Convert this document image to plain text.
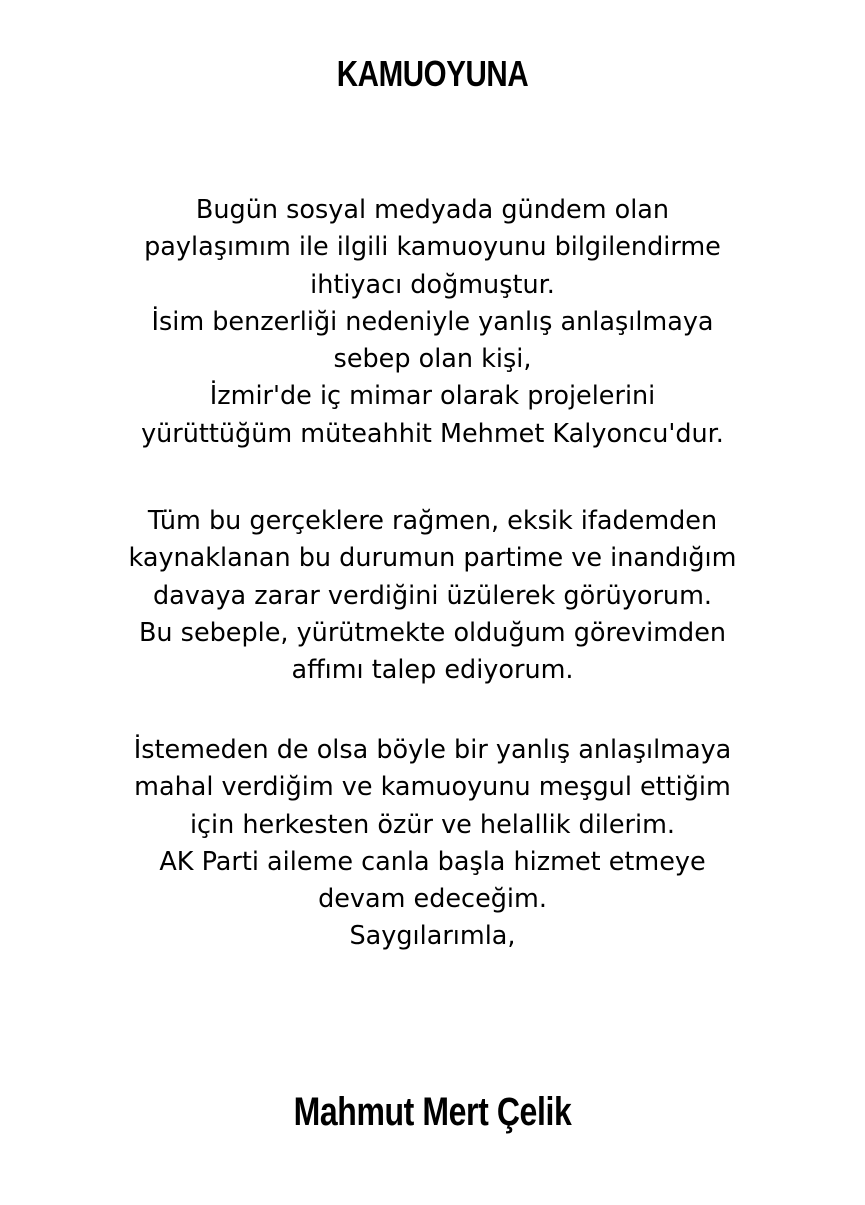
KAMUOYUNA
Bugün sosyal medyada gündem olan
paylaşımım ile ilgili kamuoyunu bilgilendirme
ihtiyacı doğmuştur.
İsim benzerliği nedeniyle yanlış anlaşılmaya
sebep olan kişi,
İzmir'de iç mimar olarak projelerini
yürüttüğüm müteahhit Mehmet Kalyoncu'dur.
Tüm bu gerçeklere rağmen, eksik ifademden
kaynaklanan bu durumun partime ve inandığım
davaya zarar verdiğini üzülerek görüyorum.
Bu sebeple, yürütmekte olduğum görevimden
affımı talep ediyorum.
İstemeden de olsa böyle bir yanlış anlaşılmaya
mahal verdiğim ve kamuoyunu meşgul ettiğim
için herkesten özür ve helallik dilerim.
AK Parti aileme canla başla hizmet etmeye
devam edeceğim.
Saygılarımla,
Mahmut Mert Çelik
